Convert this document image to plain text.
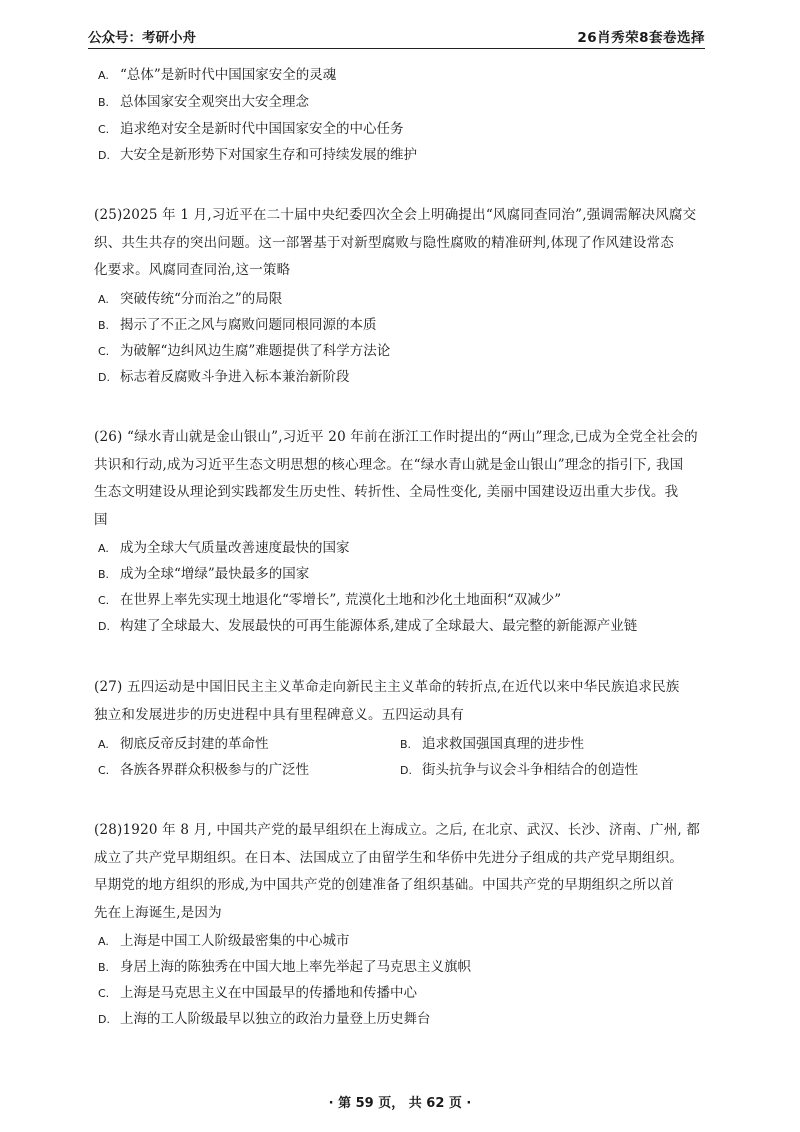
公众号：考研小舟	26肖秀荣8套卷选择
A. “总体”是新时代中国国家安全的灵魂
B. 总体国家安全观突出大安全理念
C. 追求绝对安全是新时代中国国家安全的中心任务
D. 大安全是新形势下对国家生存和可持续发展的维护
(25)2025 年 1 月,习近平在二十届中央纪委四次全会上明确提出“风腐同查同治”,强调需解决风腐交
织、共生共存的突出问题。这一部署基于对新型腐败与隐性腐败的精准研判,体现了作风建设常态
化要求。风腐同查同治,这一策略
A. 突破传统“分而治之”的局限
B. 揭示了不正之风与腐败问题同根同源的本质
C. 为破解“边纠风边生腐”难题提供了科学方法论
D. 标志着反腐败斗争进入标本兼治新阶段
(26) “绿水青山就是金山银山”,习近平 20 年前在浙江工作时提出的“两山”理念,已成为全党全社会的
共识和行动,成为习近平生态文明思想的核心理念。在“绿水青山就是金山银山”理念的指引下, 我国
生态文明建设从理论到实践都发生历史性、转折性、全局性变化, 美丽中国建设迈出重大步伐。我
国
A. 成为全球大气质量改善速度最快的国家
B. 成为全球“增绿”最快最多的国家
C. 在世界上率先实现土地退化“零增长”, 荒漠化土地和沙化土地面积“双减少”
D. 构建了全球最大、发展最快的可再生能源体系,建成了全球最大、最完整的新能源产业链
(27) 五四运动是中国旧民主主义革命走向新民主主义革命的转折点,在近代以来中华民族追求民族
独立和发展进步的历史进程中具有里程碑意义。五四运动具有
A. 彻底反帝反封建的革命性	B. 追求救国强国真理的进步性
C. 各族各界群众积极参与的广泛性	D. 街头抗争与议会斗争相结合的创造性
(28)1920 年 8 月, 中国共产党的最早组织在上海成立。之后, 在北京、武汉、长沙、济南、广州, 都
成立了共产党早期组织。在日本、法国成立了由留学生和华侨中先进分子组成的共产党早期组织。
早期党的地方组织的形成,为中国共产党的创建准备了组织基础。中国共产党的早期组织之所以首
先在上海诞生,是因为
A. 上海是中国工人阶级最密集的中心城市
B. 身居上海的陈独秀在中国大地上率先举起了马克思主义旗帜
C. 上海是马克思主义在中国最早的传播地和传播中心
D. 上海的工人阶级最早以独立的政治力量登上历史舞台
· 第 59 页， 共 62 页 ·
